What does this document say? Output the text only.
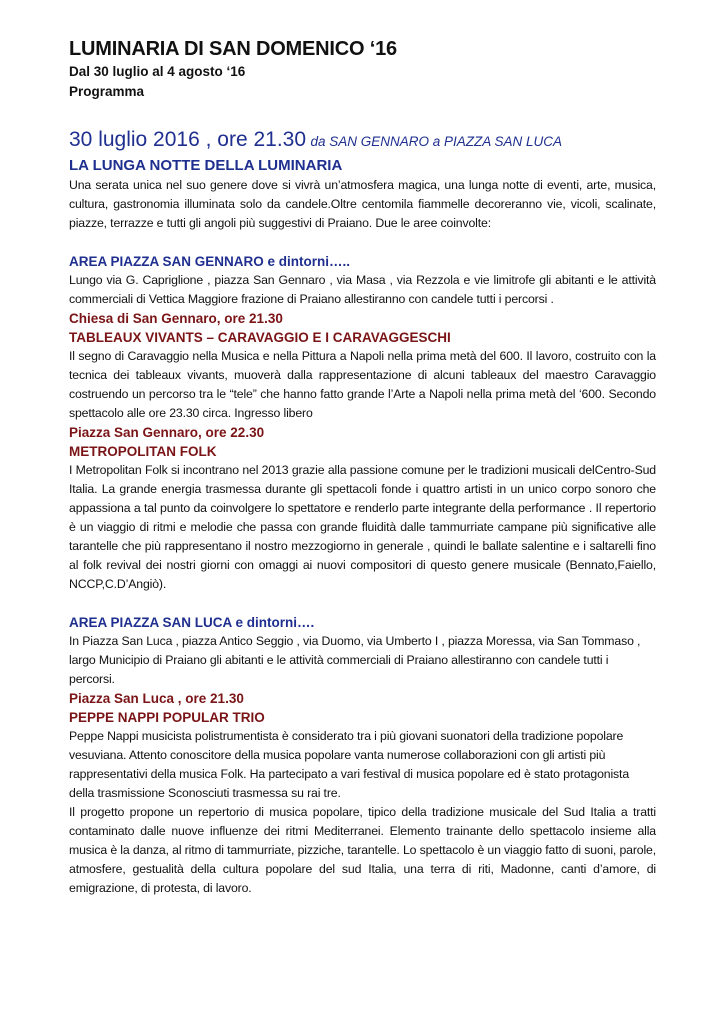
LUMINARIA DI SAN DOMENICO ‘16

Dal 30 luglio al 4 agosto ‘16

Programma

30 luglio 2016 , ore 21.30 da SAN GENNARO a PIAZZA SAN LUCA
LA LUNGA NOTTE DELLA LUMINARIA

Una serata unica nel suo genere dove si vivrà un’atmosfera magica, una lunga notte di eventi, arte, musica, cultura, gastronomia illuminata solo da candele.Oltre centomila fiammelle decoreranno vie, vicoli, scalinate, piazze, terrazze e tutti gli angoli più suggestivi di Praiano. Due le aree coinvolte:

AREA PIAZZA SAN GENNARO e dintorni…..

Lungo via G. Capriglione , piazza San Gennaro , via Masa , via Rezzola e vie limitrofe gli abitanti e le attività commerciali di Vettica Maggiore frazione di Praiano allestiranno con candele tutti i percorsi .

Chiesa di San Gennaro, ore 21.30
TABLEAUX VIVANTS – CARAVAGGIO E I CARAVAGGESCHI

Il segno di Caravaggio nella Musica e nella Pittura a Napoli nella prima metà del 600. Il lavoro, costruito con la tecnica dei tableaux vivants, muoverà dalla rappresentazione di alcuni tableaux del maestro Caravaggio costruendo un percorso tra le “tele” che hanno fatto grande l’Arte a Napoli nella prima metà del ‘600. Secondo spettacolo alle ore 23.30 circa. Ingresso libero

Piazza San Gennaro, ore 22.30
METROPOLITAN FOLK

I Metropolitan Folk si incontrano nel 2013 grazie alla passione comune per le tradizioni musicali delCentro-Sud Italia. La grande energia trasmessa durante gli spettacoli fonde i quattro artisti in un unico corpo sonoro che appassiona a tal punto da coinvolgere lo spettatore e renderlo parte integrante della performance . Il repertorio è un viaggio di ritmi e melodie che passa con grande fluidità dalle tammurriate campane più significative alle tarantelle che più rappresentano il nostro mezzogiorno in generale , quindi le ballate salentine e i saltarelli fino al folk revival dei nostri giorni con omaggi ai nuovi compositori di questo genere musicale (Bennato,Faiello, NCCP,C.D’Angiò).

AREA PIAZZA SAN LUCA e dintorni….

In Piazza San Luca , piazza Antico Seggio , via Duomo, via Umberto I , piazza Moressa, via San Tommaso , largo Municipio di Praiano gli abitanti e le attività commerciali di Praiano allestiranno con candele tutti i percorsi.

Piazza San Luca , ore 21.30
PEPPE NAPPI POPULAR TRIO

Peppe Nappi musicista polistrumentista è considerato tra i più giovani suonatori della tradizione popolare vesuviana. Attento conoscitore della musica popolare vanta numerose collaborazioni con gli artisti più rappresentativi della musica Folk. Ha partecipato a vari festival di musica popolare ed è stato protagonista della trasmissione Sconosciuti trasmessa su rai tre.

Il progetto propone un repertorio di musica popolare, tipico della tradizione musicale del Sud Italia a tratti contaminato dalle nuove influenze dei ritmi Mediterranei. Elemento trainante dello spettacolo insieme alla musica è la danza, al ritmo di tammurriate, pizziche, tarantelle. Lo spettacolo è un viaggio fatto di suoni, parole, atmosfere, gestualità della cultura popolare del sud Italia, una terra di riti, Madonne, canti d’amore, di emigrazione, di protesta, di lavoro.
